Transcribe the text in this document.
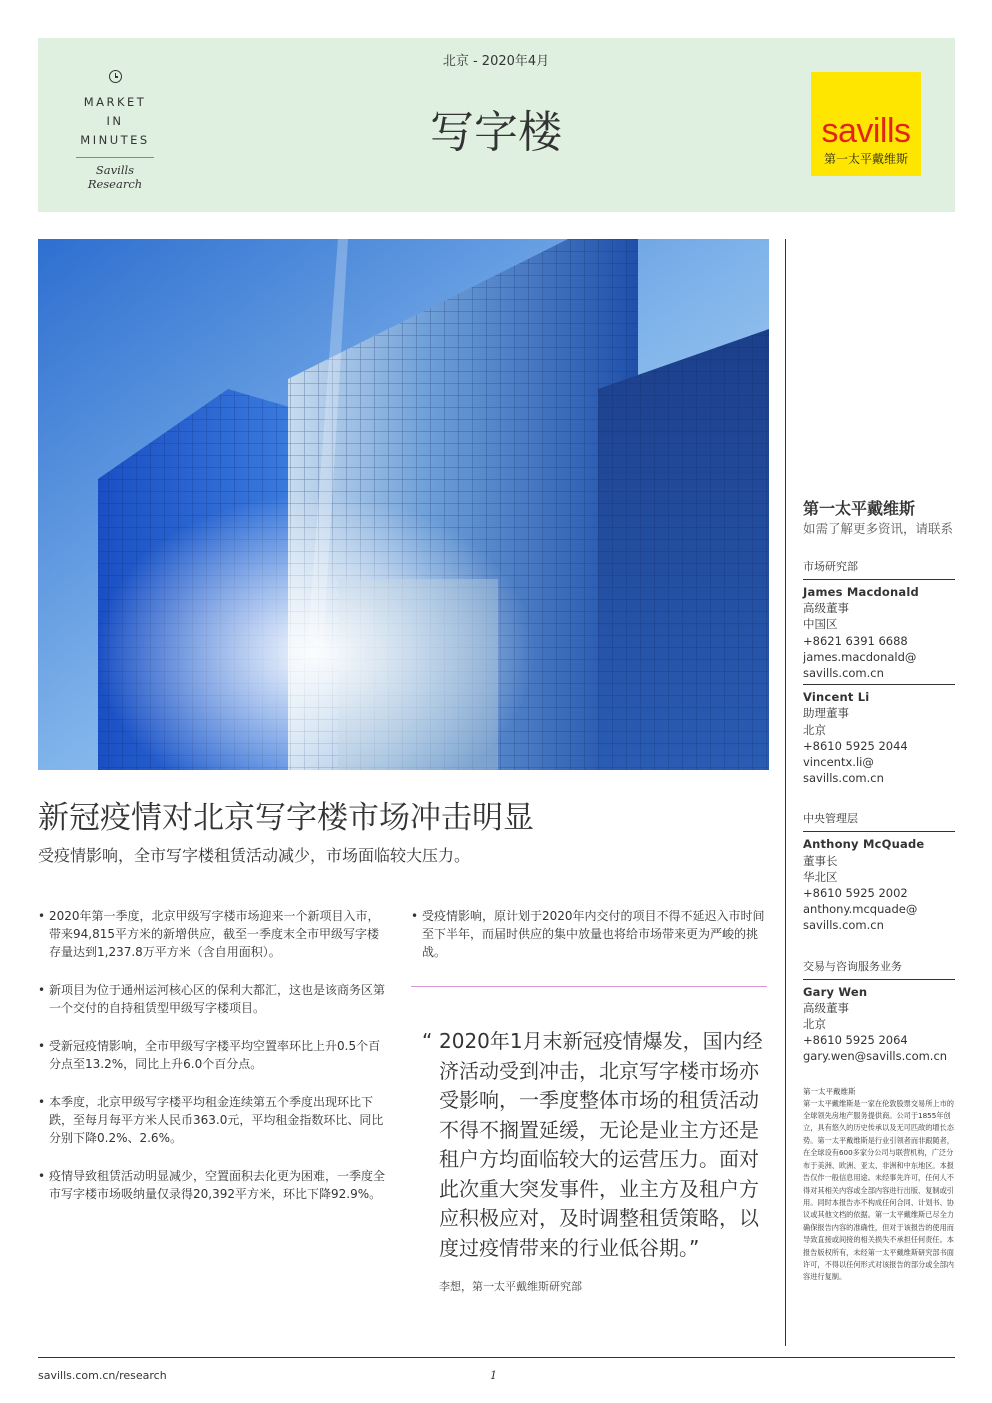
MARKET
IN
MINUTES
Savills Research
北京 - 2020年4月
写字楼	savills
第一太平戴维斯
新冠疫情对北京写字楼市场冲击明显
受疫情影响，全市写字楼租赁活动减少，市场面临较大压力。
• 2020年第一季度，北京甲级写字楼市场迎来一个新项目入市，带来94,815平方米的新增供应，截至一季度末全市甲级写字楼存量达到1,237.8万平方米（含自用面积）。
• 新项目为位于通州运河核心区的保利大都汇，这也是该商务区第一个交付的自持租赁型甲级写字楼项目。
• 受新冠疫情影响，全市甲级写字楼平均空置率环比上升0.5个百分点至13.2%，同比上升6.0个百分点。
• 本季度，北京甲级写字楼平均租金连续第五个季度出现环比下跌，至每月每平方米人民币363.0元，平均租金指数环比、同比分别下降0.2%、2.6%。
• 疫情导致租赁活动明显减少，空置面积去化更为困难，一季度全市写字楼市场吸纳量仅录得20,392平方米，环比下降92.9%。
• 受疫情影响，原计划于2020年内交付的项目不得不延迟入市时间至下半年，而届时供应的集中放量也将给市场带来更为严峻的挑战。
“ 2020年1月末新冠疫情爆发，国内经济活动受到冲击，北京写字楼市场亦受影响，一季度整体市场的租赁活动不得不搁置延缓，无论是业主方还是租户方均面临较大的运营压力。面对此次重大突发事件，业主方及租户方应积极应对，及时调整租赁策略，以度过疫情带来的行业低谷期。”
李想，第一太平戴维斯研究部
第一太平戴维斯
如需了解更多资讯，请联系
市场研究部
James Macdonald
高级董事
中国区
+8621 6391 6688
james.macdonald@
savills.com.cn
Vincent Li
助理董事
北京
+8610 5925 2044
vincentx.li@
savills.com.cn
中央管理层
Anthony McQuade
董事长
华北区
+8610 5925 2002
anthony.mcquade@
savills.com.cn
交易与咨询服务业务
Gary Wen
高级董事
北京
+8610 5925 2064
gary.wen@savills.com.cn
第一太平戴维斯
第一太平戴维斯是一家在伦敦股票交易所上市的全球领先房地产服务提供商。公司于1855年创立，具有悠久的历史传承以及无可匹敌的增长态势。第一太平戴维斯是行业引领者而非跟随者，在全球设有600多家分公司与联营机构，广泛分布于美洲、欧洲、亚太、非洲和中东地区。本报告仅作一般信息用途。未经事先许可，任何人不得对其相关内容或全部内容进行出版、复制或引用。同时本报告亦不构成任何合同、计划书、协议或其他文档的依据。第一太平戴维斯已尽全力确保报告内容的准确性，但对于该报告的使用而导致直接或间接的相关损失不承担任何责任。本报告版权所有，未经第一太平戴维斯研究部书面许可，不得以任何形式对该报告的部分或全部内容进行复制。
savills.com.cn/research	1
